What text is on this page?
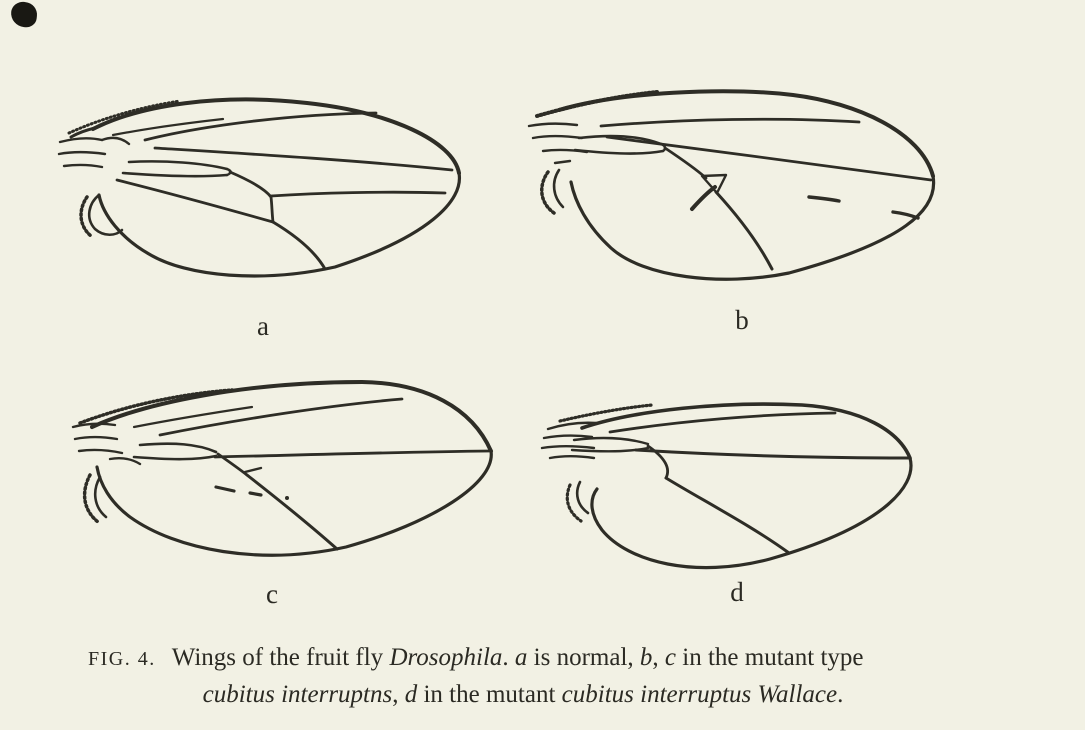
a	b
c	d
FIG. 4. Wings of the fruit fly Drosophila. a is normal, b, c in the mutant type
cubitus interruptns, d in the mutant cubitus interruptus Wallace.
